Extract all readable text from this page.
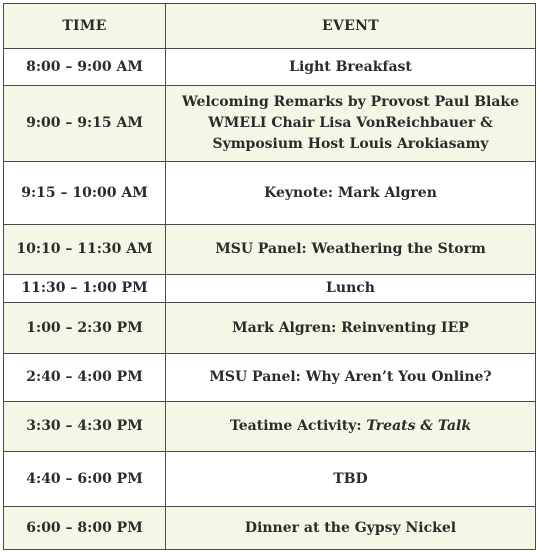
TIME	EVENT
8:00 – 9:00 AM	Light Breakfast
9:00 – 9:15 AM	Welcoming Remarks by Provost Paul Blake
WMELI Chair Lisa VonReichbauer &
Symposium Host Louis Arokiasamy

9:15 – 10:00 AM	Keynote: Mark Algren
10:10 – 11:30 AM	MSU Panel: Weathering the Storm
11:30 – 1:00 PM	Lunch
1:00 – 2:30 PM	Mark Algren: Reinventing IEP
2:40 – 4:00 PM	MSU Panel: Why Aren’t You Online?
3:30 – 4:30 PM	Teatime Activity: Treats & Talk
4:40 – 6:00 PM	TBD
6:00 – 8:00 PM	Dinner at the Gypsy Nickel
